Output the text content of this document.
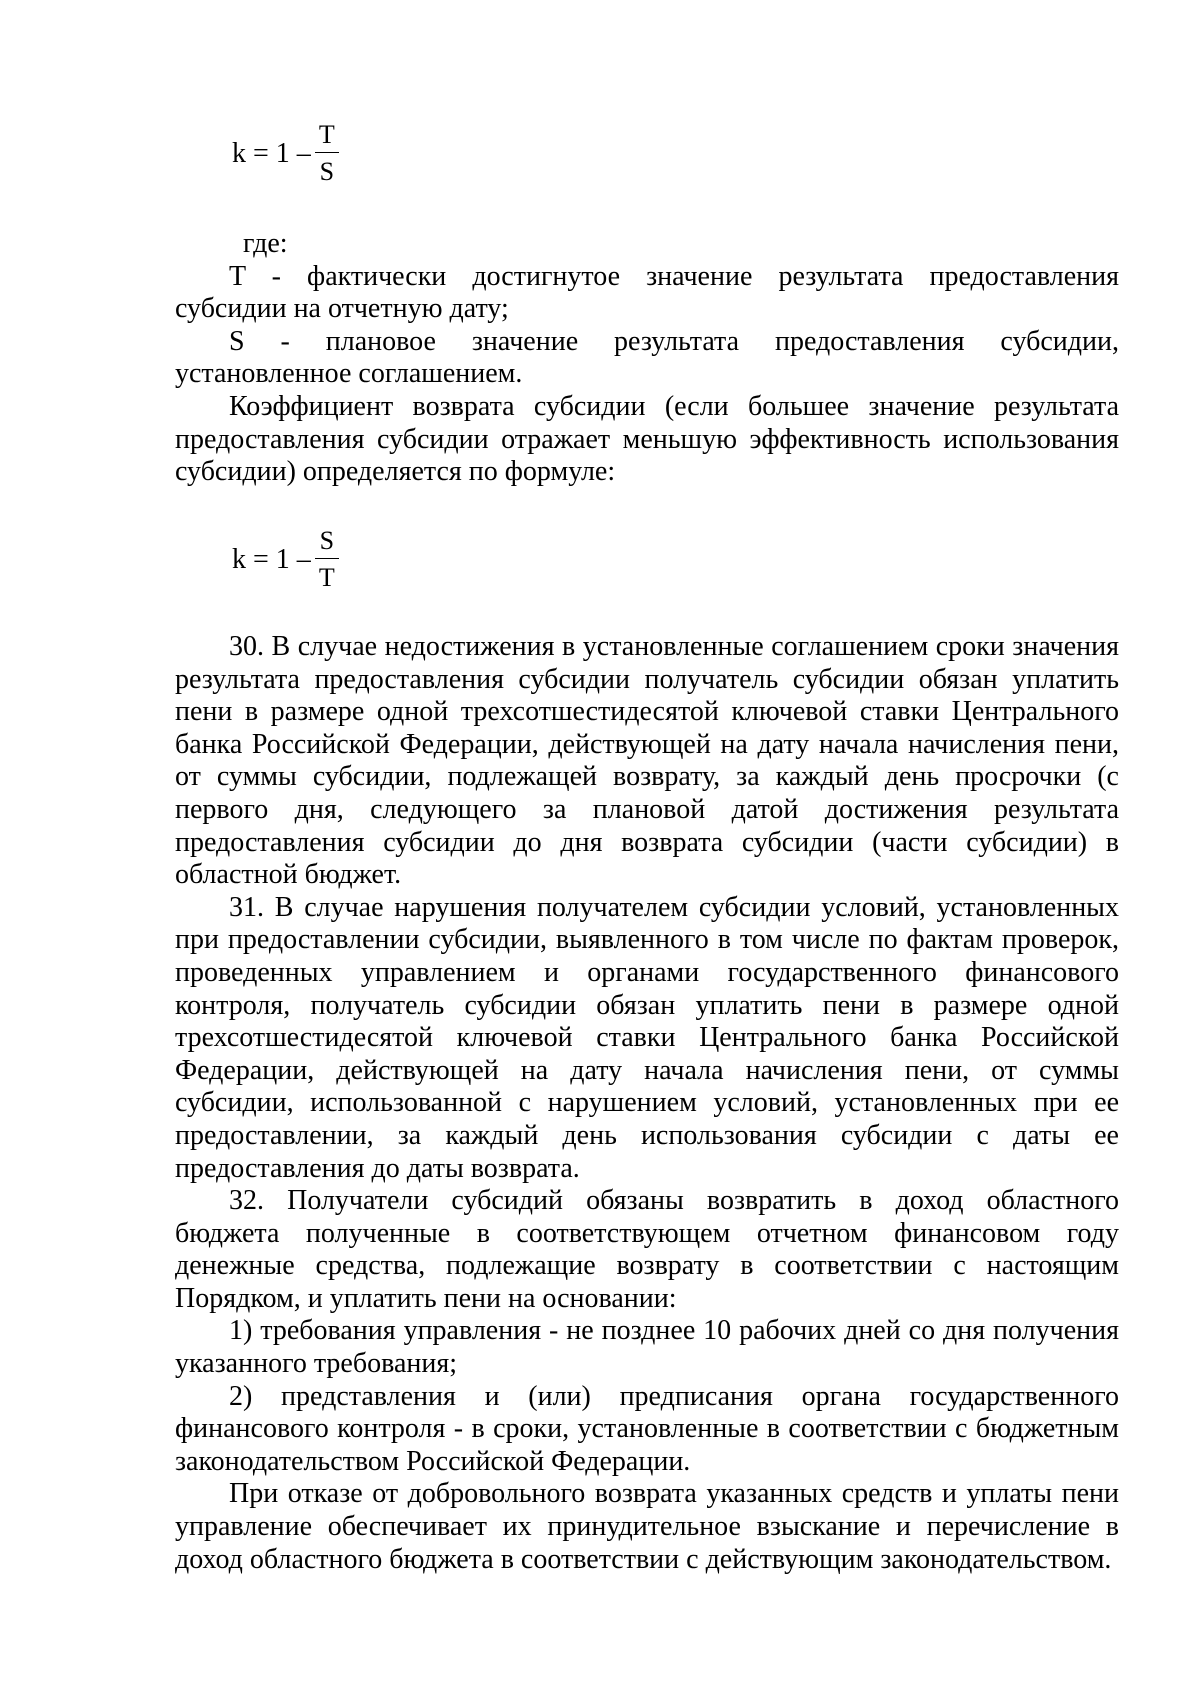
$k = 1 - \frac{T}{S}$

где:

T - фактически достигнутое значение результата предоставления

субсидии на отчетную дату;

S - плановое значение результата предоставления субсидии,

установленное соглашением.

Коэффициент возврата субсидии (если большее значение результата

предоставления субсидии отражает меньшую эффективность использования

субсидии) определяется по формуле:

$k = 1 - \frac{S}{T}$

30. В случае недостижения в установленные соглашением сроки значения

результата предоставления субсидии получатель субсидии обязан уплатить

пени в размере одной трехсотшестидесятой ключевой ставки Центрального

банка Российской Федерации, действующей на дату начала начисления пени,

от суммы субсидии, подлежащей возврату, за каждый день просрочки (с

первого дня, следующего за плановой датой достижения результата

предоставления субсидии до дня возврата субсидии (части субсидии) в

областной бюджет.

31. В случае нарушения получателем субсидии условий, установленных

при предоставлении субсидии, выявленного в том числе по фактам проверок,

проведенных управлением и органами государственного финансового

контроля, получатель субсидии обязан уплатить пени в размере одной

трехсотшестидесятой ключевой ставки Центрального банка Российской

Федерации, действующей на дату начала начисления пени, от суммы

субсидии, использованной с нарушением условий, установленных при ее

предоставлении, за каждый день использования субсидии с даты ее

предоставления до даты возврата.

32. Получатели субсидий обязаны возвратить в доход областного

бюджета полученные в соответствующем отчетном финансовом году

денежные средства, подлежащие возврату в соответствии с настоящим

Порядком, и уплатить пени на основании:

1) требования управления - не позднее 10 рабочих дней со дня получения

указанного требования;

2) представления и (или) предписания органа государственного

финансового контроля - в сроки, установленные в соответствии с бюджетным

законодательством Российской Федерации.

При отказе от добровольного возврата указанных средств и уплаты пени

управление обеспечивает их принудительное взыскание и перечисление в

доход областного бюджета в соответствии с действующим законодательством.
